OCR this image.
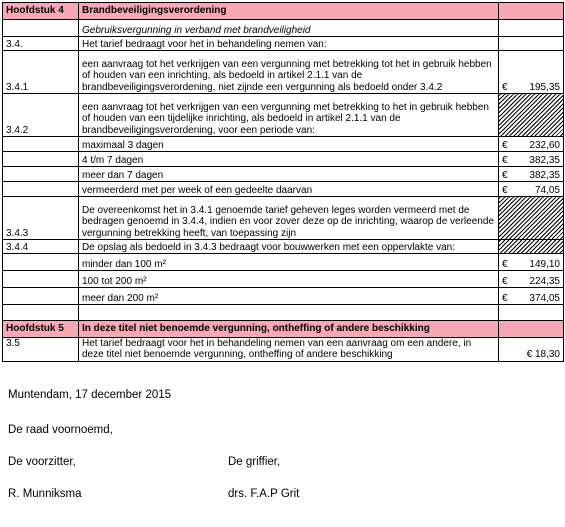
Hoofdstuk 4	Brandbeveiligingsverordening	
	Gebruiksvergunning in verband met brandveiligheid	
3.4.	Het tarief bedraagt voor het in behandeling nemen van:	
3.4.1	een aanvraag tot het verkrijgen van een vergunning met betrekking tot het in gebruik hebben of houden van een inrichting, als bedoeld in artikel 2.1.1 van de brandbeveiligingsverordening, niet zijnde een vergunning als bedoeld onder 3.4.2	€ 195,35

3.4.2	een aanvraag tot het verkrijgen van een vergunning met betrekking to het in gebruik hebben of houden van een tijdelijke inrichting, als bedoeld in artikel 2.1.1 van de brandbeveiligingsverordening, voor een periode van:	
	maximaal 3 dagen	€ 232,60

	4 t/m 7 dagen	€ 382,35

	meer dan 7 dagen	€ 382,35

	vermeerderd met per week of een gedeelte daarvan	€ 74,05

3.4.3	De overeenkomst het in 3.4.1 genoemde tarief geheven leges worden vermeerd met de bedragen genoemd in 3.4.4, indien en voor zover deze op de inrichting, waarop de verleende vergunning betrekking heeft, van toepassing zijn	
3.4.4	De opslag als bedoeld in 3.4.3 bedraagt voor bouwwerken met een oppervlakte van:	
	minder dan 100 m²	€ 149,10

	100 tot 200 m²	€ 224,35

	meer dan 200 m²	€ 374,05

Hoofdstuk 5	In deze titel niet benoemde vergunning, ontheffing of andere beschikking	
3.5	Het tarief bedraagt voor het in behandeling nemen van een aanvraag om een andere, in deze titel niet benoemde vergunning, ontheffing of andere beschikking	€ 18,30
Muntendam, 17 december 2015
De raad voornoemd,
De voorzitter,	De griffier,
R. Munniksma	drs. F.A.P Grit
